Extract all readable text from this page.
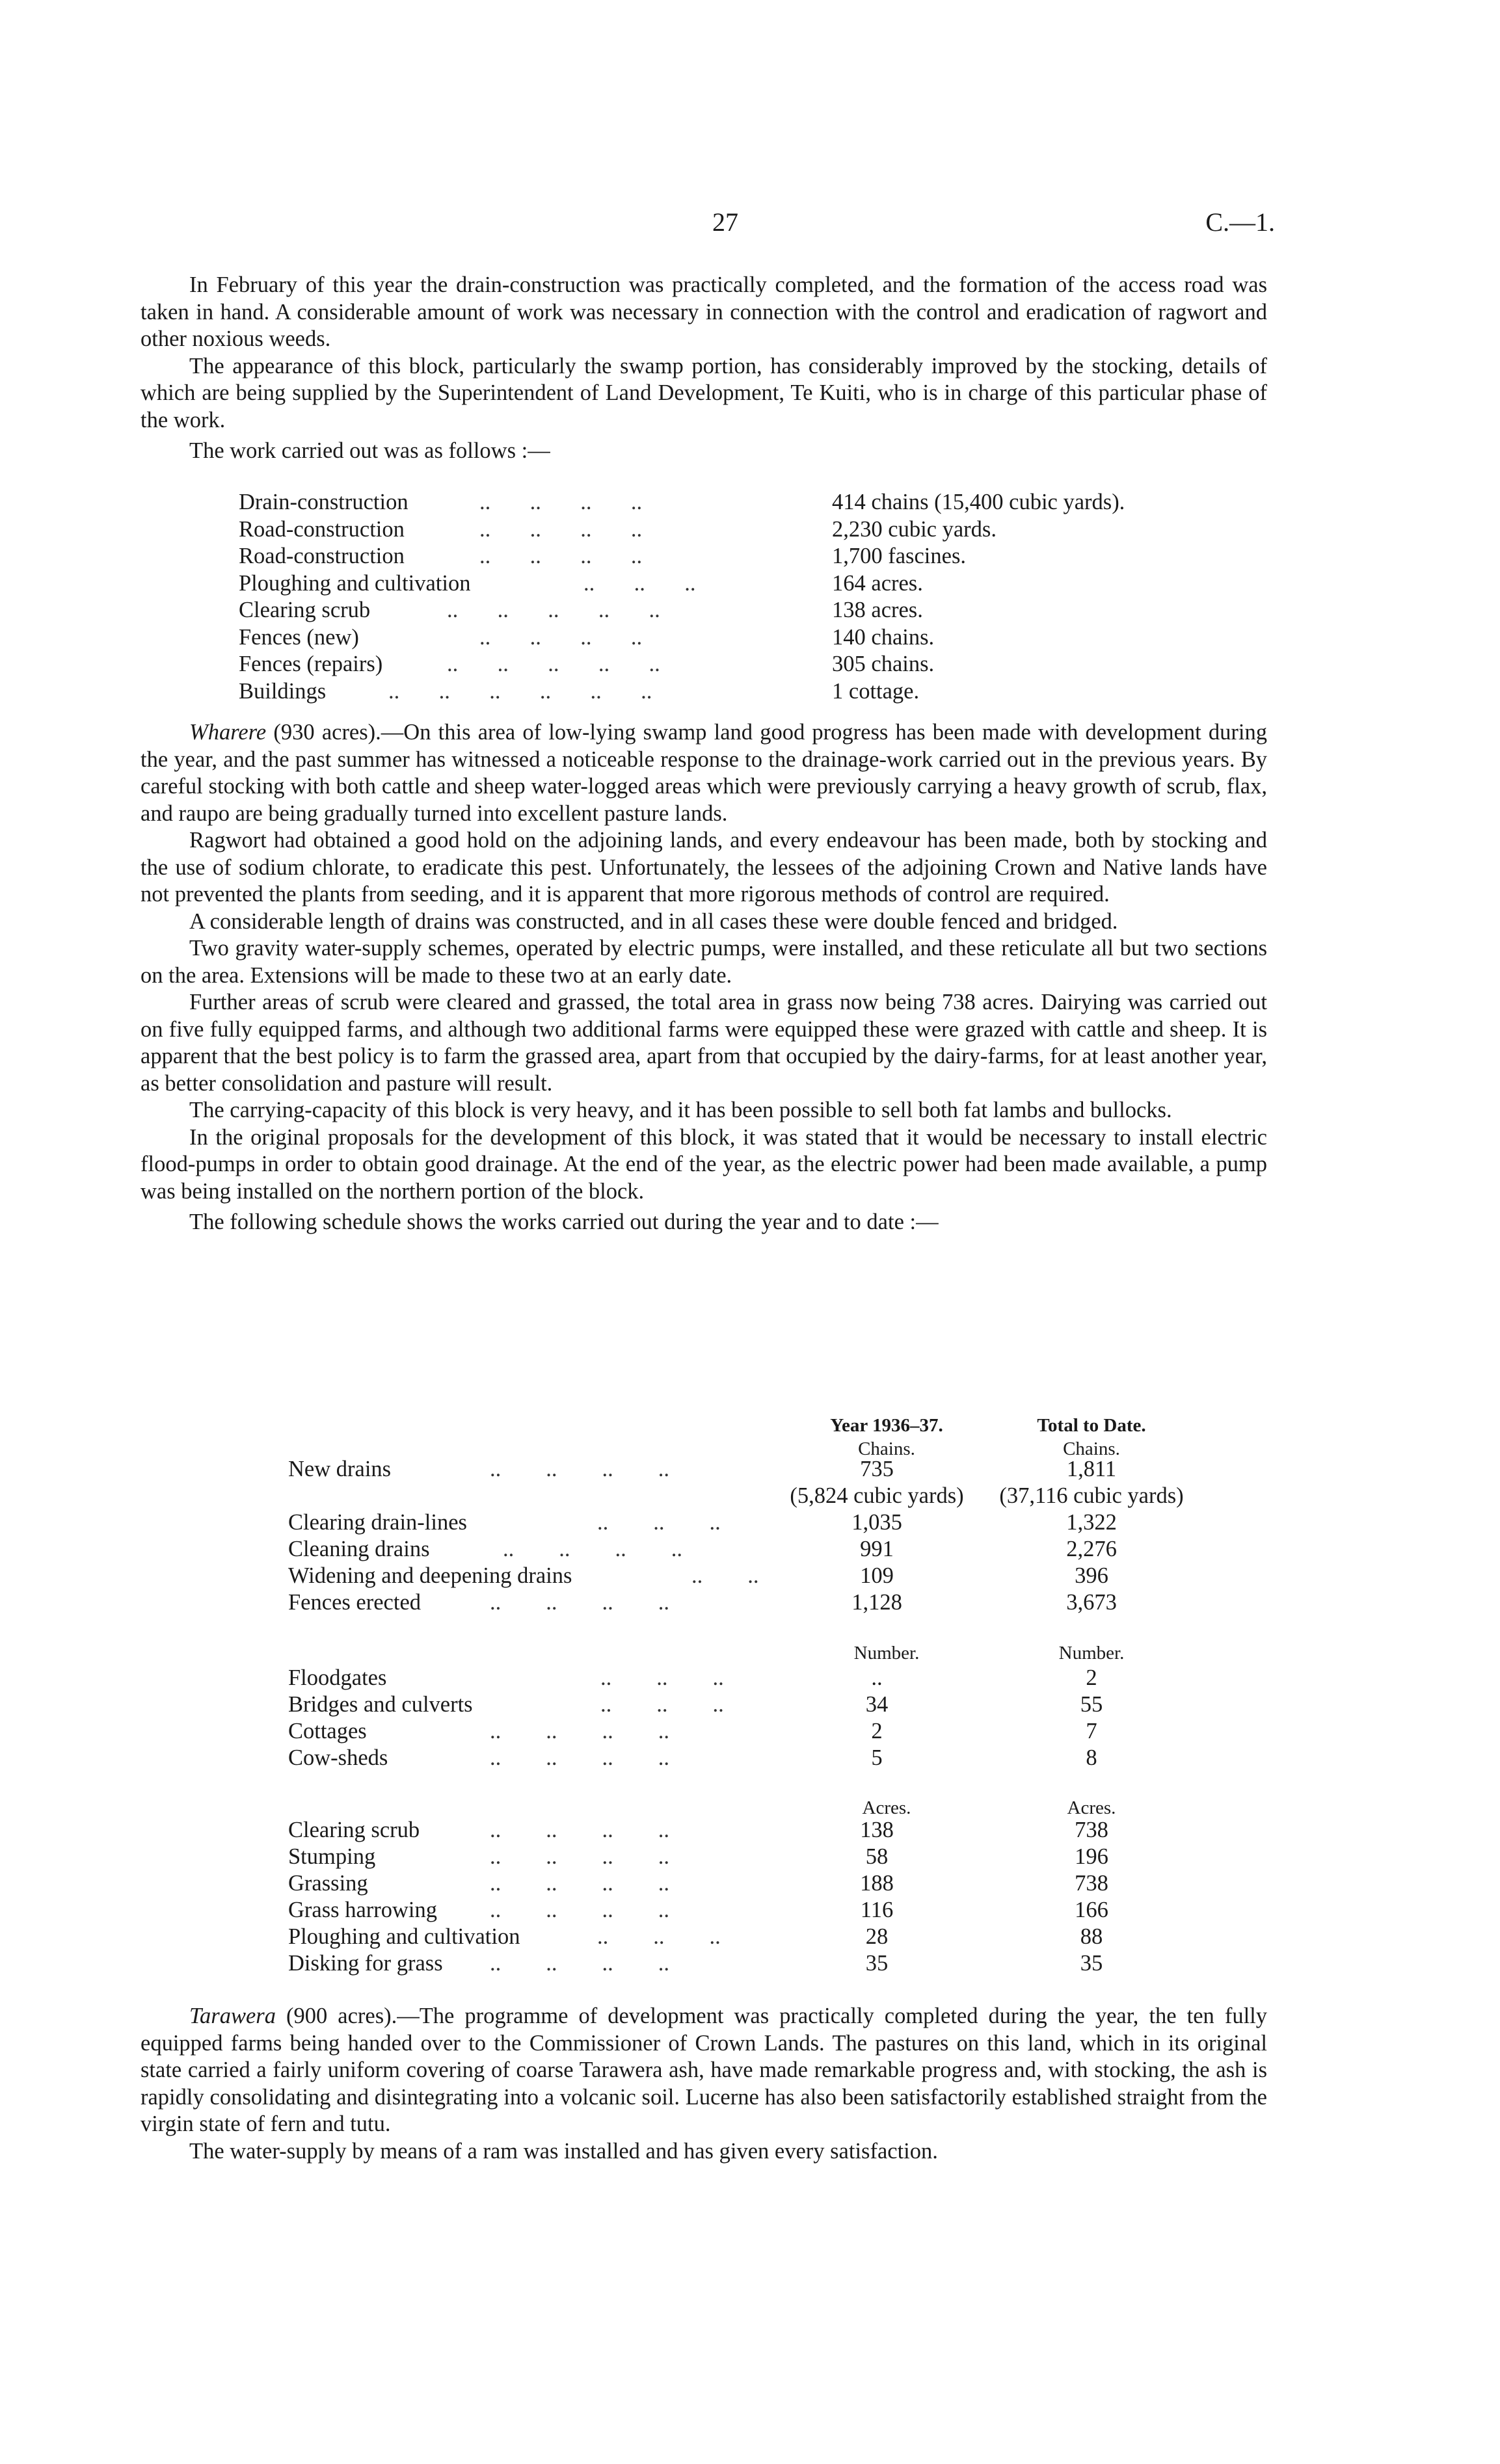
27	C.—1.

In February of this year the drain-construction was practically completed, and the formation of the access road was taken in hand. A considerable amount of work was necessary in connection with the control and eradication of ragwort and other noxious weeds.

The appearance of this block, particularly the swamp portion, has considerably improved by the stocking, details of which are being supplied by the Superintendent of Land Development, Te Kuiti, who is in charge of this particular phase of the work.

The work carried out was as follows :—

Drain-construction	..       ..       ..       ..	414 chains (15,400 cubic yards).
Road-construction	..       ..       ..       ..	2,230 cubic yards.
Road-construction	..       ..       ..       ..	1,700 fascines.
Ploughing and cultivation	..       ..       ..	164 acres.
Clearing scrub	..       ..       ..       ..       ..	138 acres.
Fences (new)	..       ..       ..       ..	140 chains.
Fences (repairs)	..       ..       ..       ..       ..	305 chains.
Buildings	..       ..       ..       ..       ..       ..	1 cottage.

Wharere (930 acres).—On this area of low-lying swamp land good progress has been made with development during the year, and the past summer has witnessed a noticeable response to the drainage-work carried out in the previous years. By careful stocking with both cattle and sheep water-logged areas which were previously carrying a heavy growth of scrub, flax, and raupo are being gradually turned into excellent pasture lands.

Ragwort had obtained a good hold on the adjoining lands, and every endeavour has been made, both by stocking and the use of sodium chlorate, to eradicate this pest. Unfortunately, the lessees of the adjoining Crown and Native lands have not prevented the plants from seeding, and it is apparent that more rigorous methods of control are required.

A considerable length of drains was constructed, and in all cases these were double fenced and bridged.

Two gravity water-supply schemes, operated by electric pumps, were installed, and these reticulate all but two sections on the area. Extensions will be made to these two at an early date.

Further areas of scrub were cleared and grassed, the total area in grass now being 738 acres. Dairying was carried out on five fully equipped farms, and although two additional farms were equipped these were grazed with cattle and sheep. It is apparent that the best policy is to farm the grassed area, apart from that occupied by the dairy-farms, for at least another year, as better consolidation and pasture will result.

The carrying-capacity of this block is very heavy, and it has been possible to sell both fat lambs and bullocks.

In the original proposals for the development of this block, it was stated that it would be necessary to install electric flood-pumps in order to obtain good drainage. At the end of the year, as the electric power had been made available, a pump was being installed on the northern portion of the block.

The following schedule shows the works carried out during the year and to date :—

Year 1936–37.	Total to Date.
Chains.	Chains.
New drains	..        ..        ..        ..	735	1,811
(5,824 cubic yards)	(37,116 cubic yards)
Clearing drain-lines	..        ..        ..	1,035	1,322
Cleaning drains	..        ..        ..        ..	991	2,276
Widening and deepening drains	..        ..	109	396
Fences erected	..        ..        ..        ..	1,128	3,673
Number.	Number.
Floodgates	..        ..        ..	..	2
Bridges and culverts	..        ..        ..	34	55
Cottages	..        ..        ..        ..	2	7
Cow-sheds	..        ..        ..        ..	5	8
Acres.	Acres.
Clearing scrub	..        ..        ..        ..	138	738
Stumping	..        ..        ..        ..	58	196
Grassing	..        ..        ..        ..	188	738
Grass harrowing ..        ..        ..        ..	116	166
Ploughing and cultivation	..        ..        ..	28	88
Disking for grass ..        ..        ..        ..	35	35

Tarawera (900 acres).—The programme of development was practically completed during the year, the ten fully equipped farms being handed over to the Commissioner of Crown Lands. The pastures on this land, which in its original state carried a fairly uniform covering of coarse Tarawera ash, have made remarkable progress and, with stocking, the ash is rapidly consolidating and disintegrating into a volcanic soil. Lucerne has also been satisfactorily established straight from the virgin state of fern and tutu.

The water-supply by means of a ram was installed and has given every satisfaction.
